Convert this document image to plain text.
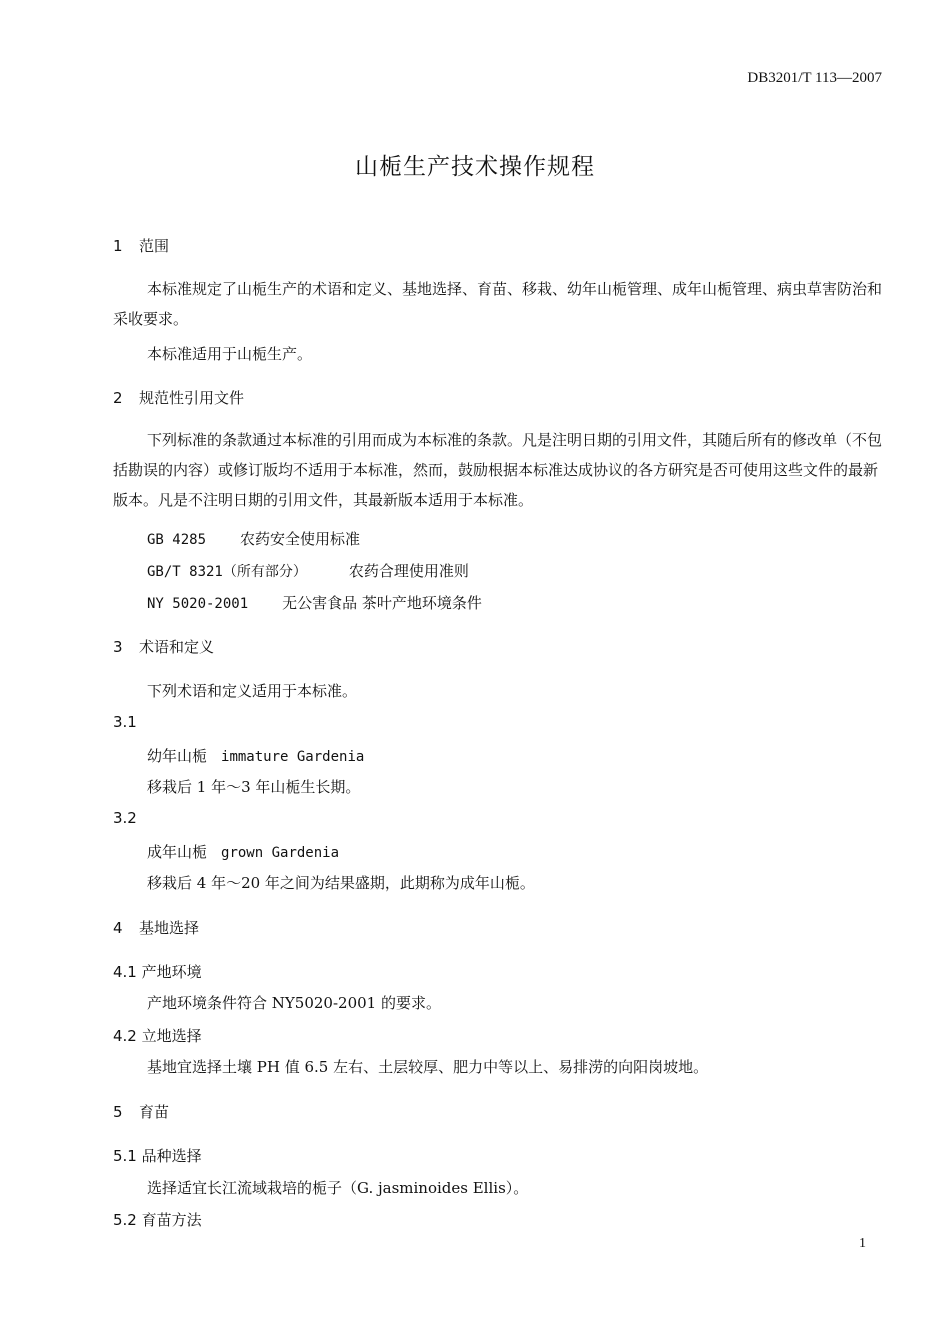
DB3201/T 113—2007
山栀生产技术操作规程
1 范围
本标准规定了山栀生产的术语和定义、基地选择、育苗、移栽、幼年山栀管理、成年山栀管理、病虫草害防治和采收要求。
本标准适用于山栀生产。
2 规范性引用文件
下列标准的条款通过本标准的引用而成为本标准的条款。凡是注明日期的引用文件，其随后所有的修改单（不包括勘误的内容）或修订版均不适用于本标准，然而，鼓励根据本标准达成协议的各方研究是否可使用这些文件的最新版本。凡是不注明日期的引用文件，其最新版本适用于本标准。
GB 4285 农药安全使用标准
GB/T 8321（所有部分）	农药合理使用准则
NY 5020-2001 无公害食品 茶叶产地环境条件
3 术语和定义
下列术语和定义适用于本标准。
3.1
幼年山栀 immature Gardenia
移栽后 1 年～3 年山栀生长期。
3.2
成年山栀 grown Gardenia
移栽后 4 年～20 年之间为结果盛期，此期称为成年山栀。
4 基地选择
4.1 产地环境
产地环境条件符合 NY5020-2001 的要求。
4.2 立地选择
基地宜选择土壤 PH 值 6.5 左右、土层较厚、肥力中等以上、易排涝的向阳岗坡地。
5 育苗
5.1 品种选择
选择适宜长江流域栽培的栀子（G. jasminoides Ellis）。
5.2 育苗方法
1
